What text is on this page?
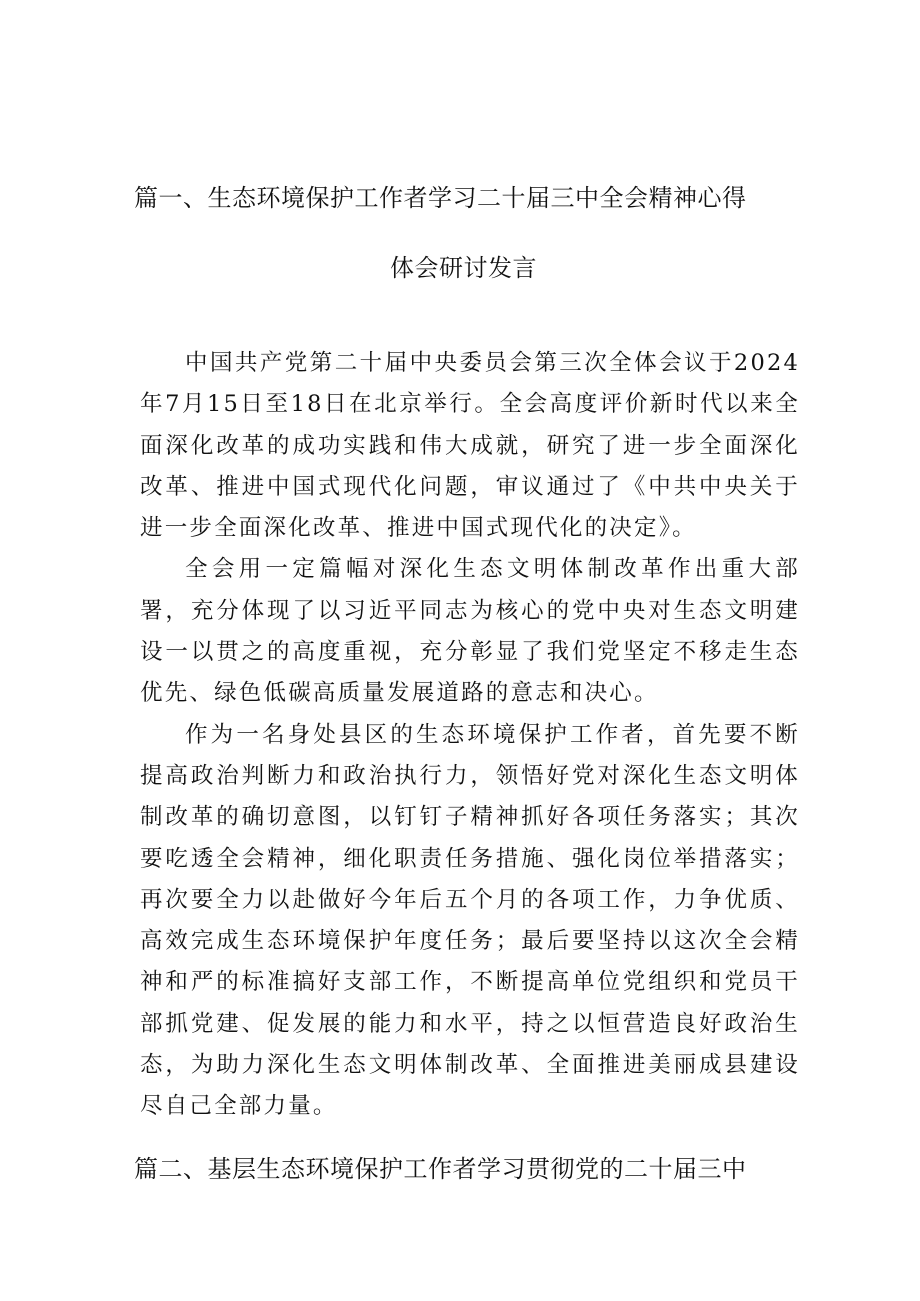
篇一、生态环境保护工作者学习二十届三中全会精神心得
体会研讨发言

中国共产党第二十届中央委员会第三次全体会议于2024年7月15日至18日在北京举行。全会高度评价新时代以来全面深化改革的成功实践和伟大成就，研究了进一步全面深化改革、推进中国式现代化问题，审议通过了《中共中央关于进一步全面深化改革、推进中国式现代化的决定》。

全会用一定篇幅对深化生态文明体制改革作出重大部署，充分体现了以习近平同志为核心的党中央对生态文明建设一以贯之的高度重视，充分彰显了我们党坚定不移走生态优先、绿色低碳高质量发展道路的意志和决心。

作为一名身处县区的生态环境保护工作者，首先要不断提高政治判断力和政治执行力，领悟好党对深化生态文明体制改革的确切意图，以钉钉子精神抓好各项任务落实；其次要吃透全会精神，细化职责任务措施、强化岗位举措落实；再次要全力以赴做好今年后五个月的各项工作，力争优质、高效完成生态环境保护年度任务；最后要坚持以这次全会精神和严的标准搞好支部工作，不断提高单位党组织和党员干部抓党建、促发展的能力和水平，持之以恒营造良好政治生态，为助力深化生态文明体制改革、全面推进美丽成县建设尽自己全部力量。

篇二、基层生态环境保护工作者学习贯彻党的二十届三中
